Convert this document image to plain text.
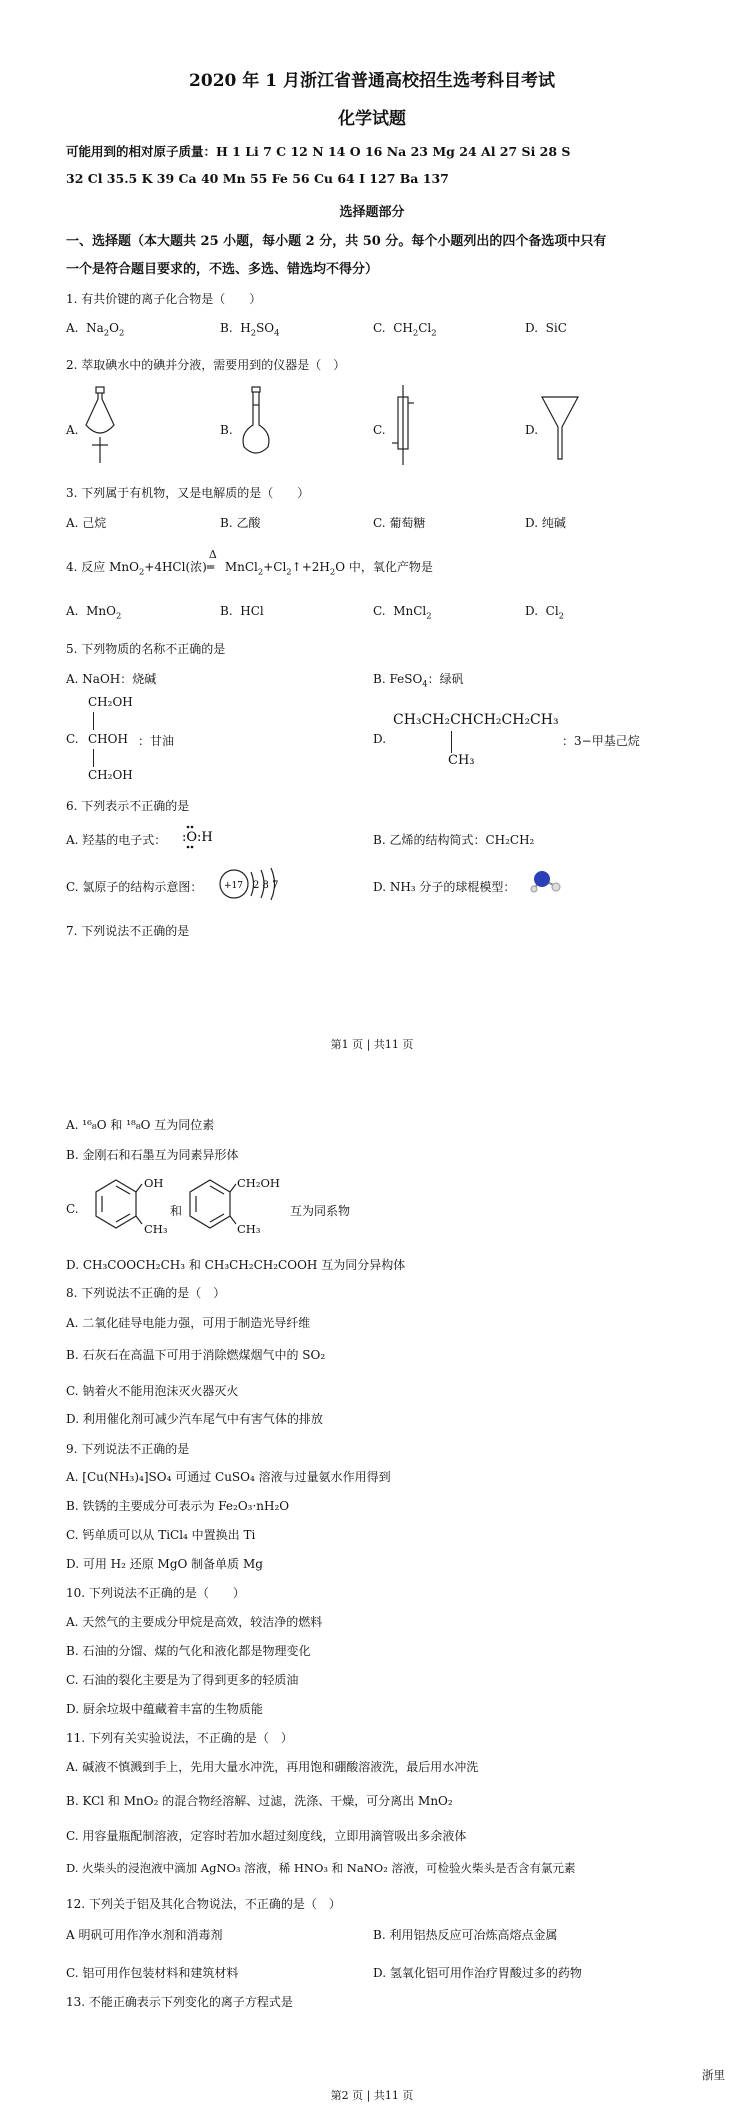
2020 年 1 月浙江省普通高校招生选考科目考试
化学试题
可能用到的相对原子质量：H 1 Li 7 C 12 N 14 O 16 Na 23 Mg 24 Al 27 Si 28 S
32 Cl 35.5 K 39 Ca 40 Mn 55 Fe 56 Cu 64 I 127 Ba 137
选择题部分
一、选择题（本大题共 25 小题，每小题 2 分，共 50 分。每个小题列出的四个备选项中只有
一个是符合题目要求的，不选、多选、错选均不得分）
1. 有共价键的离子化合物是（　　）
A.  $Na_2O_2$	B.  $H_2SO_4$	C.  $CH_2Cl_2$	D.  SiC
2. 萃取碘水中的碘并分液，需要用到的仪器是（　）
A.	B.	C.	D.
3. 下列属于有机物，又是电解质的是（　　）
A. 己烷	B. 乙酸	C. 葡萄糖	D. 纯碱
4. 反应 MnO$_2$+4HCl(浓)
Δ
═ $MnCl_2+Cl_2↑+2H_2O$ 中，氧化产物是
A.  MnO$_2$	B.  HCl	C.  MnCl$_2$	D.  $Cl_2$
5. 下列物质的名称不正确的是
A. NaOH：烧碱	B. FeSO$_4$：绿矾
C.
CH₂OH
CHOH ：甘油
CH₂OH
D.
CH₃CH₂CHCH₂CH₂CH₃
CH₃
：3−甲基己烷
6. 下列表示不正确的是
A. 羟基的电子式： :O:H	B. 乙烯的结构简式：CH₂CH₂
C. 氯原子的结构示意图： +17 2 8 7	D. NH₃ 分子的球棍模型：
7. 下列说法不正确的是
第1 页 | 共11 页
A. ¹⁶₈O 和 ¹⁸₈O 互为同位素
B. 金刚石和石墨互为同素异形体
C.
OH
CH₃
和
CH₂OH
CH₃
互为同系物
D. CH₃COOCH₂CH₃ 和 CH₃CH₂CH₂COOH 互为同分异构体
8. 下列说法不正确的是（　）
A. 二氧化硅导电能力强，可用于制造光导纤维
B. 石灰石在高温下可用于消除燃煤烟气中的 SO₂
C. 钠着火不能用泡沫灭火器灭火
D. 利用催化剂可减少汽车尾气中有害气体的排放
9. 下列说法不正确的是
A. [Cu(NH₃)₄]SO₄ 可通过 CuSO₄ 溶液与过量氨水作用得到
B. 铁锈的主要成分可表示为 Fe₂O₃·nH₂O
C. 钙单质可以从 TiCl₄ 中置换出 Ti
D. 可用 H₂ 还原 MgO 制备单质 Mg
10. 下列说法不正确的是（　　）
A. 天然气的主要成分甲烷是高效，较洁净的燃料
B. 石油的分馏、煤的气化和液化都是物理变化
C. 石油的裂化主要是为了得到更多的轻质油
D. 厨余垃圾中蕴藏着丰富的生物质能
11. 下列有关实验说法，不正确的是（　）
A. 碱液不慎溅到手上，先用大量水冲洗，再用饱和硼酸溶液洗，最后用水冲洗
B. KCl 和 MnO₂ 的混合物经溶解、过滤，洗涤、干燥，可分离出 MnO₂
C. 用容量瓶配制溶液，定容时若加水超过刻度线，立即用滴管吸出多余液体
D. 火柴头的浸泡液中滴加 AgNO₃ 溶液，稀 HNO₃ 和 NaNO₂ 溶液，可检验火柴头是否含有氯元素
12. 下列关于铝及其化合物说法，不正确的是（　）
A 明矾可用作净水剂和消毒剂	B. 利用铝热反应可冶炼高熔点金属
C. 铝可用作包装材料和建筑材料	D. 氢氧化铝可用作治疗胃酸过多的药物
13. 不能正确表示下列变化的离子方程式是
浙里
第2 页 | 共11 页
